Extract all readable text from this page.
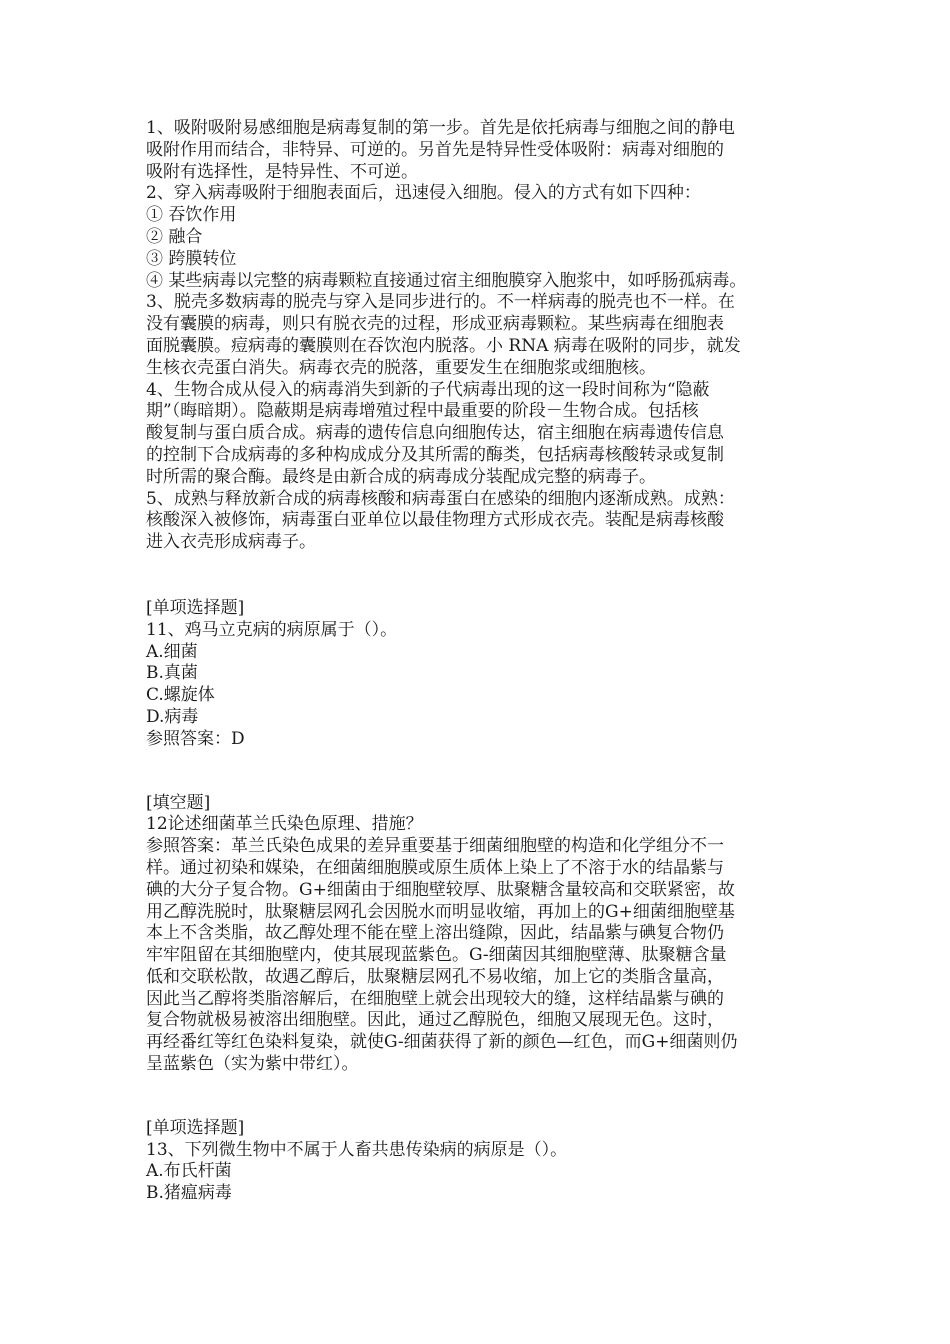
1、吸附吸附易感细胞是病毒复制的第一步。首先是依托病毒与细胞之间的静电
吸附作用而结合，非特异、可逆的。另首先是特异性受体吸附：病毒对细胞的
吸附有选择性，是特异性、不可逆。
2、穿入病毒吸附于细胞表面后，迅速侵入细胞。侵入的方式有如下四种：
① 吞饮作用
② 融合
③ 跨膜转位
④ 某些病毒以完整的病毒颗粒直接通过宿主细胞膜穿入胞浆中，如呼肠孤病毒。
3、脱壳多数病毒的脱壳与穿入是同步进行的。不一样病毒的脱壳也不一样。在
没有囊膜的病毒，则只有脱衣壳的过程，形成亚病毒颗粒。某些病毒在细胞表
面脱囊膜。痘病毒的囊膜则在吞饮泡内脱落。小 RNA 病毒在吸附的同步，就发
生核衣壳蛋白消失。病毒衣壳的脱落，重要发生在细胞浆或细胞核。
4、生物合成从侵入的病毒消失到新的子代病毒出现的这一段时间称为“隐蔽
期”（晦暗期）。隐蔽期是病毒增殖过程中最重要的阶段－生物合成。包括核
酸复制与蛋白质合成。病毒的遗传信息向细胞传达，宿主细胞在病毒遗传信息
的控制下合成病毒的多种构成成分及其所需的酶类，包括病毒核酸转录或复制
时所需的聚合酶。最终是由新合成的病毒成分装配成完整的病毒子。
5、成熟与释放新合成的病毒核酸和病毒蛋白在感染的细胞内逐渐成熟。成熟：
核酸深入被修饰，病毒蛋白亚单位以最佳物理方式形成衣壳。装配是病毒核酸
进入衣壳形成病毒子。
[单项选择题]
11、鸡马立克病的病原属于（）。
A.细菌
B.真菌
C.螺旋体
D.病毒
参照答案：D
[填空题]
12论述细菌革兰氏染色原理、措施？
参照答案：革兰氏染色成果的差异重要基于细菌细胞壁的构造和化学组分不一
样。通过初染和媒染，在细菌细胞膜或原生质体上染上了不溶于水的结晶紫与
碘的大分子复合物。G+细菌由于细胞壁较厚、肽聚糖含量较高和交联紧密，故
用乙醇洗脱时，肽聚糖层网孔会因脱水而明显收缩，再加上的G+细菌细胞壁基
本上不含类脂，故乙醇处理不能在壁上溶出缝隙，因此，结晶紫与碘复合物仍
牢牢阻留在其细胞壁内，使其展现蓝紫色。G-细菌因其细胞壁薄、肽聚糖含量
低和交联松散，故遇乙醇后，肽聚糖层网孔不易收缩，加上它的类脂含量高，
因此当乙醇将类脂溶解后，在细胞壁上就会出现较大的缝，这样结晶紫与碘的
复合物就极易被溶出细胞壁。因此，通过乙醇脱色，细胞又展现无色。这时，
再经番红等红色染料复染，就使G-细菌获得了新的颜色—红色，而G+细菌则仍
呈蓝紫色（实为紫中带红）。
[单项选择题]
13、下列微生物中不属于人畜共患传染病的病原是（）。
A.布氏杆菌
B.猪瘟病毒
